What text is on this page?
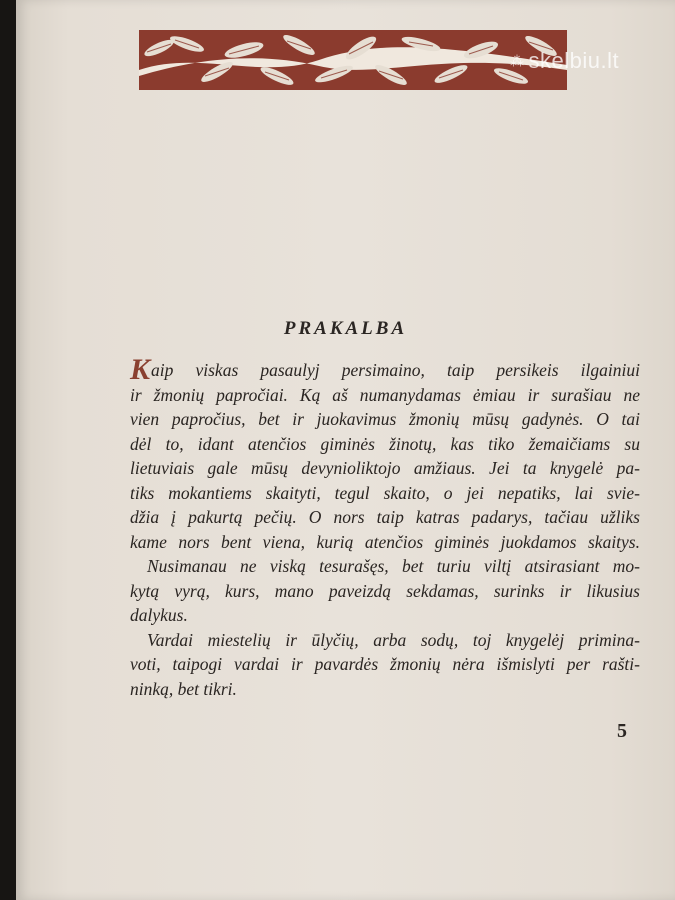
⁂ skelbiu.lt
PRAKALBA
Kaip viskas pasaulyj persimaino, taip persikeis ilgainiui
ir žmonių papročiai. Ką aš numanydamas ėmiau ir surašiau ne
vien papročius, bet ir juokavimus žmonių mūsų gadynės. O tai
dėl to, idant atenčios giminės žinotų, kas tiko žemaičiams su
lietuviais gale mūsų devynioliktojo amžiaus. Jei ta knygelė pa-
tiks mokantiems skaityti, tegul skaito, o jei nepatiks, lai svie-
džia į pakurtą pečių. O nors taip katras padarys, tačiau užliks
kame nors bent viena, kurią atenčios giminės juokdamos skaitys.
Nusimanau ne viską tesurašęs, bet turiu viltį atsirasiant mo-
kytą vyrą, kurs, mano paveizdą sekdamas, surinks ir likusius
dalykus.
Vardai miestelių ir ūlyčių, arba sodų, toj knygelėj primina-
voti, taipogi vardai ir pavardės žmonių nėra išmislyti per rašti-
ninką, bet tikri.
5
